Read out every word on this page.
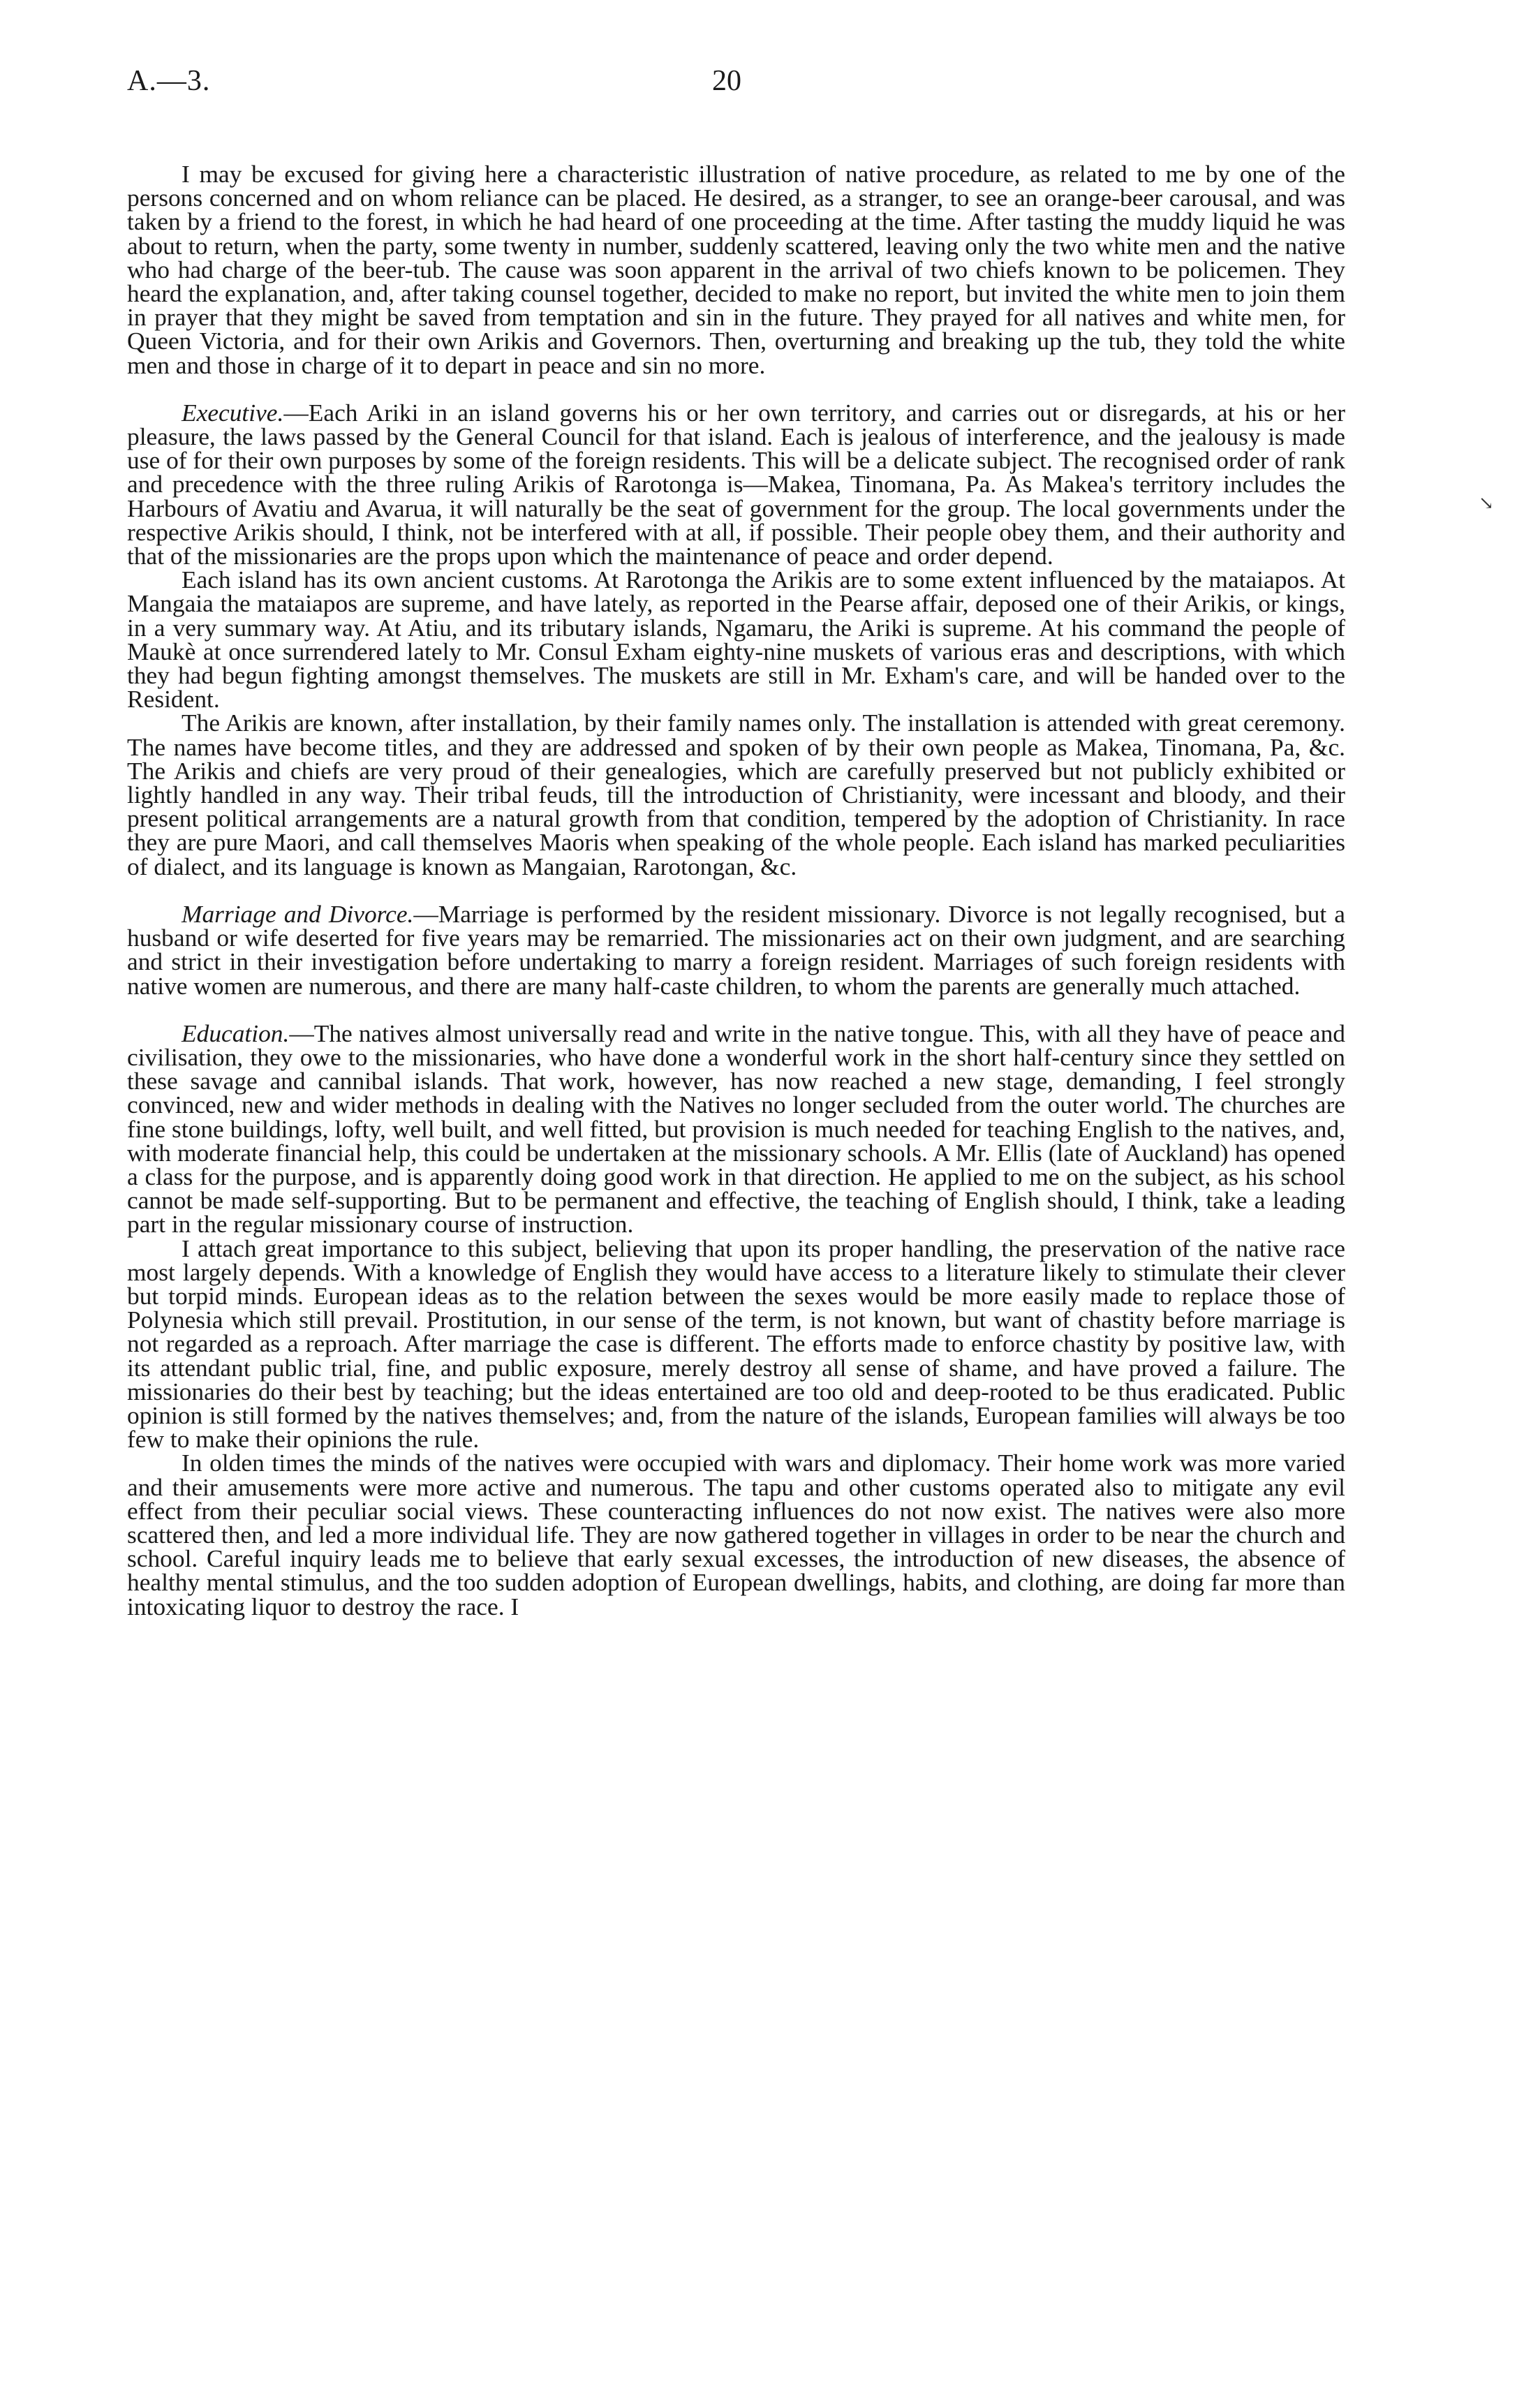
A.—3.	20

I may be excused for giving here a characteristic illustration of native procedure, as related to me by one of the persons concerned and on whom reliance can be placed. He desired, as a stranger, to see an orange-beer carousal, and was taken by a friend to the forest, in which he had heard of one proceeding at the time. After tasting the muddy liquid he was about to return, when the party, some twenty in number, suddenly scattered, leaving only the two white men and the native who had charge of the beer-tub. The cause was soon apparent in the arrival of two chiefs known to be policemen. They heard the explanation, and, after taking counsel together, decided to make no report, but invited the white men to join them in prayer that they might be saved from temptation and sin in the future. They prayed for all natives and white men, for Queen Victoria, and for their own Arikis and Governors. Then, overturning and breaking up the tub, they told the white men and those in charge of it to depart in peace and sin no more.

Executive.—Each Ariki in an island governs his or her own territory, and carries out or disregards, at his or her pleasure, the laws passed by the General Council for that island. Each is jealous of interference, and the jealousy is made use of for their own purposes by some of the foreign residents. This will be a delicate subject. The recognised order of rank and precedence with the three ruling Arikis of Rarotonga is—Makea, Tinomana, Pa. As Makea's territory includes the Harbours of Avatiu and Avarua, it will naturally be the seat of government for the group. The local governments under the respective Arikis should, I think, not be interfered with at all, if possible. Their people obey them, and their authority and that of the missionaries are the props upon which the maintenance of peace and order depend.

Each island has its own ancient customs. At Rarotonga the Arikis are to some extent influenced by the mataiapos. At Mangaia the mataiapos are supreme, and have lately, as reported in the Pearse affair, deposed one of their Arikis, or kings, in a very summary way. At Atiu, and its tributary islands, Ngamaru, the Ariki is supreme. At his command the people of Maukè at once surrendered lately to Mr. Consul Exham eighty-nine muskets of various eras and descriptions, with which they had begun fighting amongst themselves. The muskets are still in Mr. Exham's care, and will be handed over to the Resident.

The Arikis are known, after installation, by their family names only. The installation is attended with great ceremony. The names have become titles, and they are addressed and spoken of by their own people as Makea, Tinomana, Pa, &c. The Arikis and chiefs are very proud of their genealogies, which are carefully preserved but not publicly exhibited or lightly handled in any way. Their tribal feuds, till the introduction of Christianity, were incessant and bloody, and their present political arrangements are a natural growth from that condition, tempered by the adoption of Christianity. In race they are pure Maori, and call themselves Maoris when speaking of the whole people. Each island has marked peculiarities of dialect, and its language is known as Mangaian, Rarotongan, &c.

Marriage and Divorce.—Marriage is performed by the resident missionary. Divorce is not legally recognised, but a husband or wife deserted for five years may be remarried. The missionaries act on their own judgment, and are searching and strict in their investigation before undertaking to marry a foreign resident. Marriages of such foreign residents with native women are numerous, and there are many half-caste children, to whom the parents are generally much attached.

Education.—The natives almost universally read and write in the native tongue. This, with all they have of peace and civilisation, they owe to the missionaries, who have done a wonderful work in the short half-century since they settled on these savage and cannibal islands. That work, however, has now reached a new stage, demanding, I feel strongly convinced, new and wider methods in dealing with the Natives no longer secluded from the outer world. The churches are fine stone buildings, lofty, well built, and well fitted, but provision is much needed for teaching English to the natives, and, with moderate financial help, this could be undertaken at the missionary schools. A Mr. Ellis (late of Auckland) has opened a class for the purpose, and is apparently doing good work in that direction. He applied to me on the subject, as his school cannot be made self-supporting. But to be permanent and effective, the teaching of English should, I think, take a leading part in the regular missionary course of instruction.

I attach great importance to this subject, believing that upon its proper handling, the preservation of the native race most largely depends. With a knowledge of English they would have access to a literature likely to stimulate their clever but torpid minds. European ideas as to the relation between the sexes would be more easily made to replace those of Polynesia which still prevail. Prostitution, in our sense of the term, is not known, but want of chastity before marriage is not regarded as a reproach. After marriage the case is different. The efforts made to enforce chastity by positive law, with its attendant public trial, fine, and public exposure, merely destroy all sense of shame, and have proved a failure. The missionaries do their best by teaching; but the ideas entertained are too old and deep-rooted to be thus eradicated. Public opinion is still formed by the natives themselves; and, from the nature of the islands, European families will always be too few to make their opinions the rule.

In olden times the minds of the natives were occupied with wars and diplomacy. Their home work was more varied and their amusements were more active and numerous. The tapu and other customs operated also to mitigate any evil effect from their peculiar social views. These counteracting influences do not now exist. The natives were also more scattered then, and led a more individual life. They are now gathered together in villages in order to be near the church and school. Careful inquiry leads me to believe that early sexual excesses, the introduction of new diseases, the absence of healthy mental stimulus, and the too sudden adoption of European dwellings, habits, and clothing, are doing far more than intoxicating liquor to destroy the race. I

↘
